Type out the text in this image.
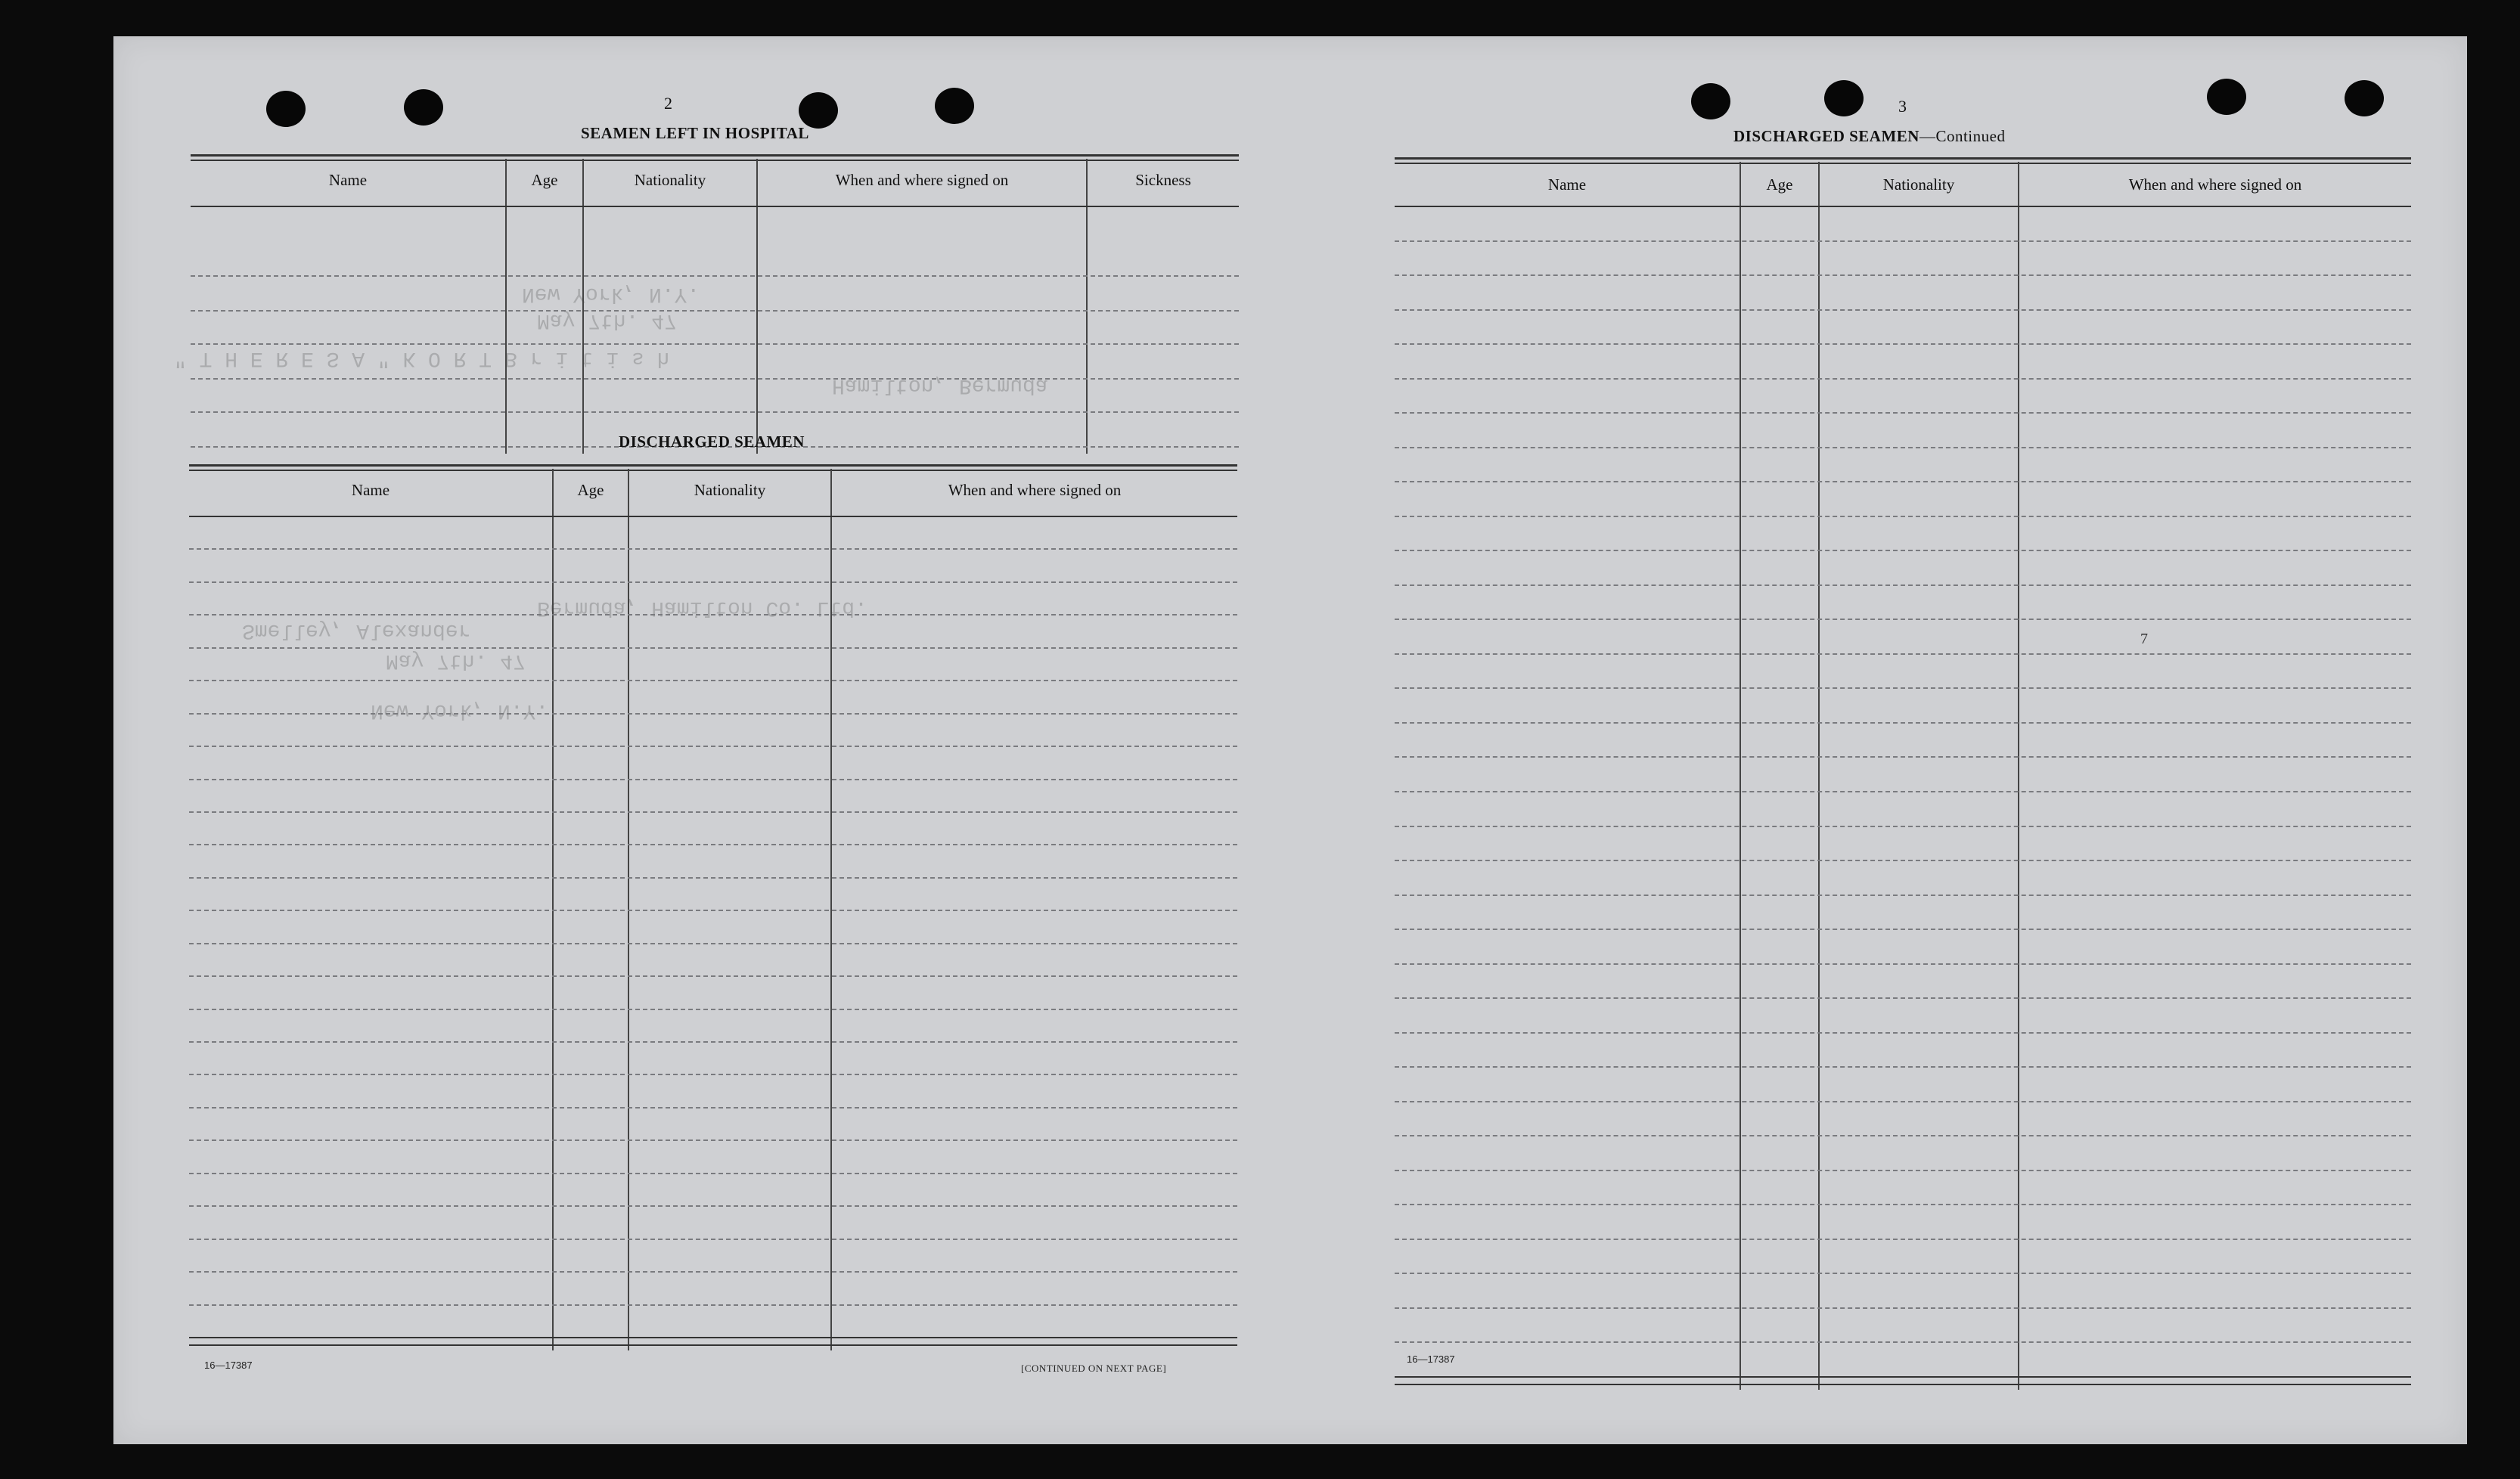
New York, N.Y.
May 7th. 47
" T H E R E S A " K O R T B r i t i s h
Hamilton, Bermuda
Smelley, Alexander
Bermuda, Hamilton Co. Ltd.
May 7th. 47
New York, N.Y.
2
SEAMEN LEFT IN HOSPITAL
Name	Age	Nationality	When and where signed on	Sickness
DISCHARGED SEAMEN
Name	Age	Nationality	When and where signed on
16—17387	[CONTINUED ON NEXT PAGE]
3
DISCHARGED SEAMEN—Continued
Name	Age	Nationality	When and where signed on
7
16—17387
